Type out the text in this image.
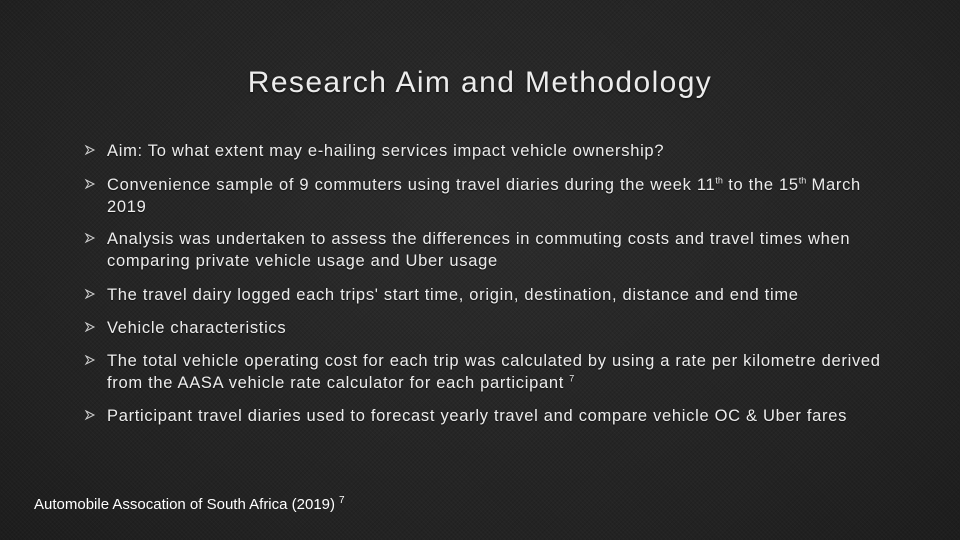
Research Aim and Methodology
Aim: To what extent may e-hailing services impact vehicle ownership?
Convenience sample of 9 commuters using travel diaries during the week 11th to the 15th March 2019
Analysis was undertaken to assess the differences in commuting costs and travel times when comparing private vehicle usage and Uber usage
The travel dairy logged each trips' start time, origin, destination, distance and end time
Vehicle characteristics
The total vehicle operating cost for each trip was calculated by using a rate per kilometre derived from the AASA vehicle rate calculator for each participant $^7$
Participant travel diaries used to forecast yearly travel and compare vehicle OC & Uber fares
Automobile Assocation of South Africa (2019) $^7$
